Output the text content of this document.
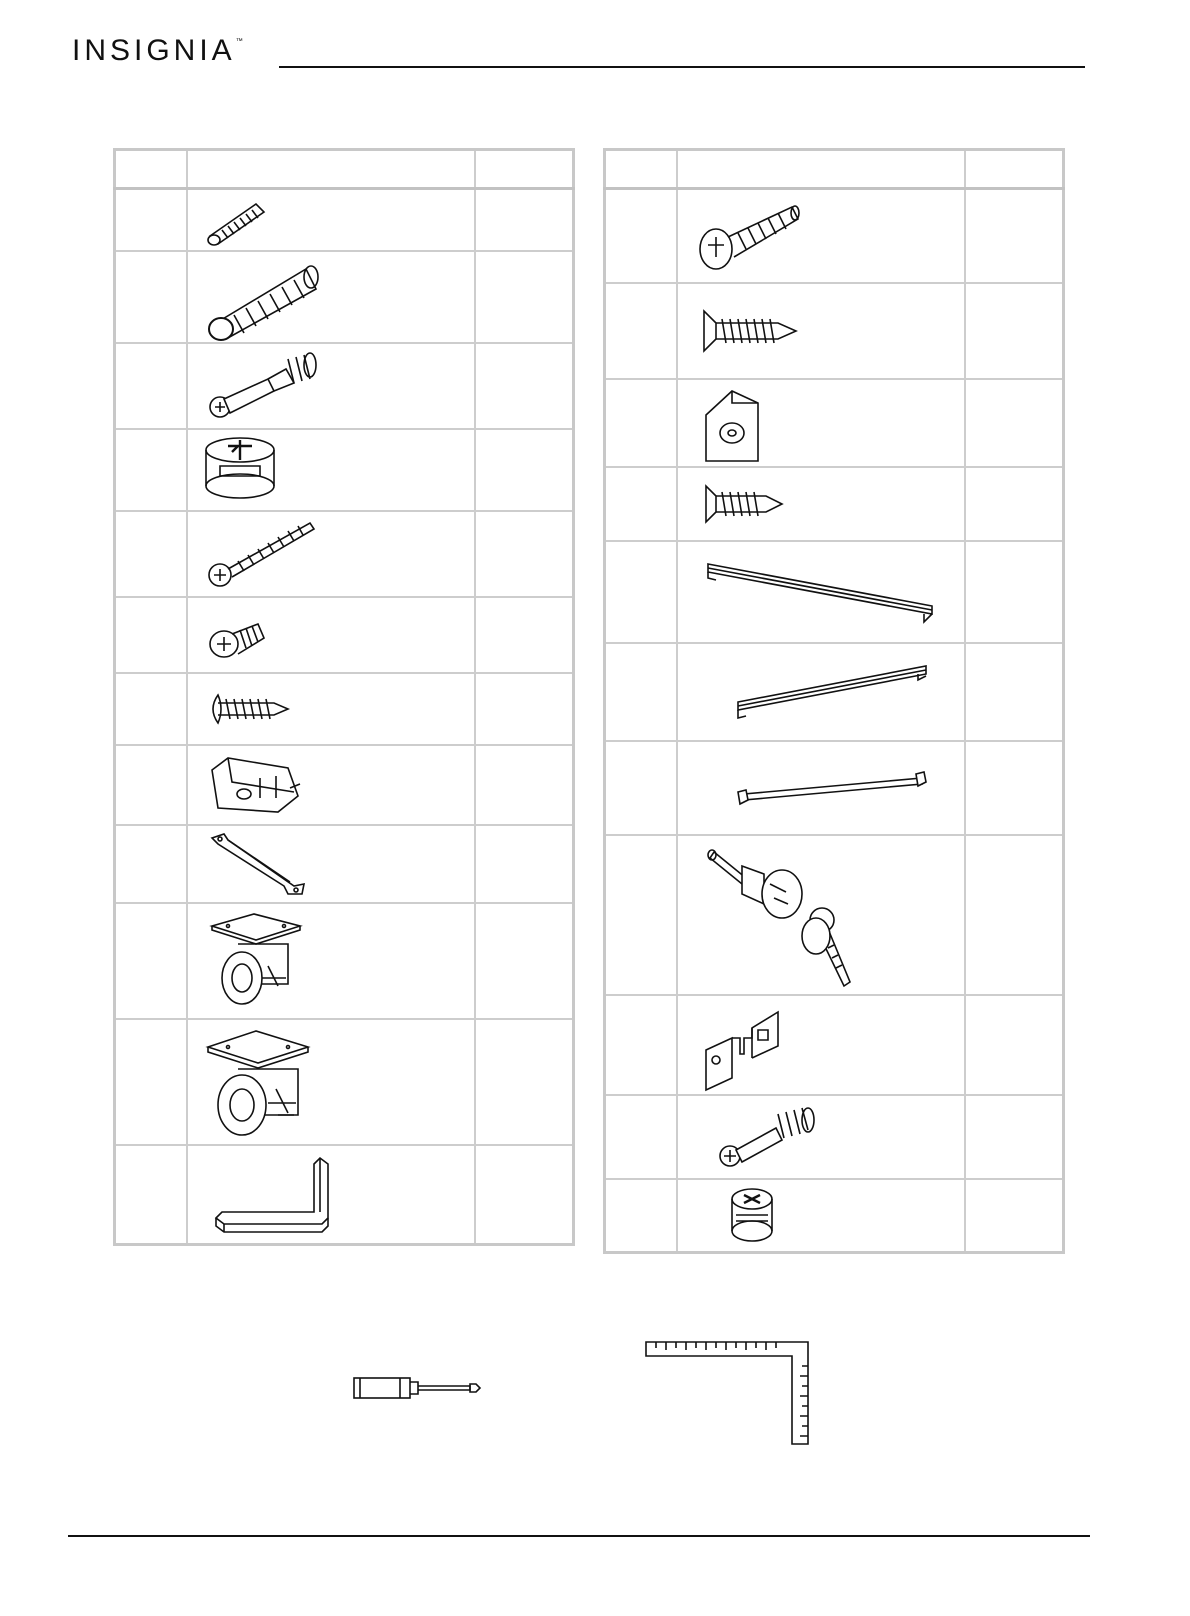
INSIGNIA™
